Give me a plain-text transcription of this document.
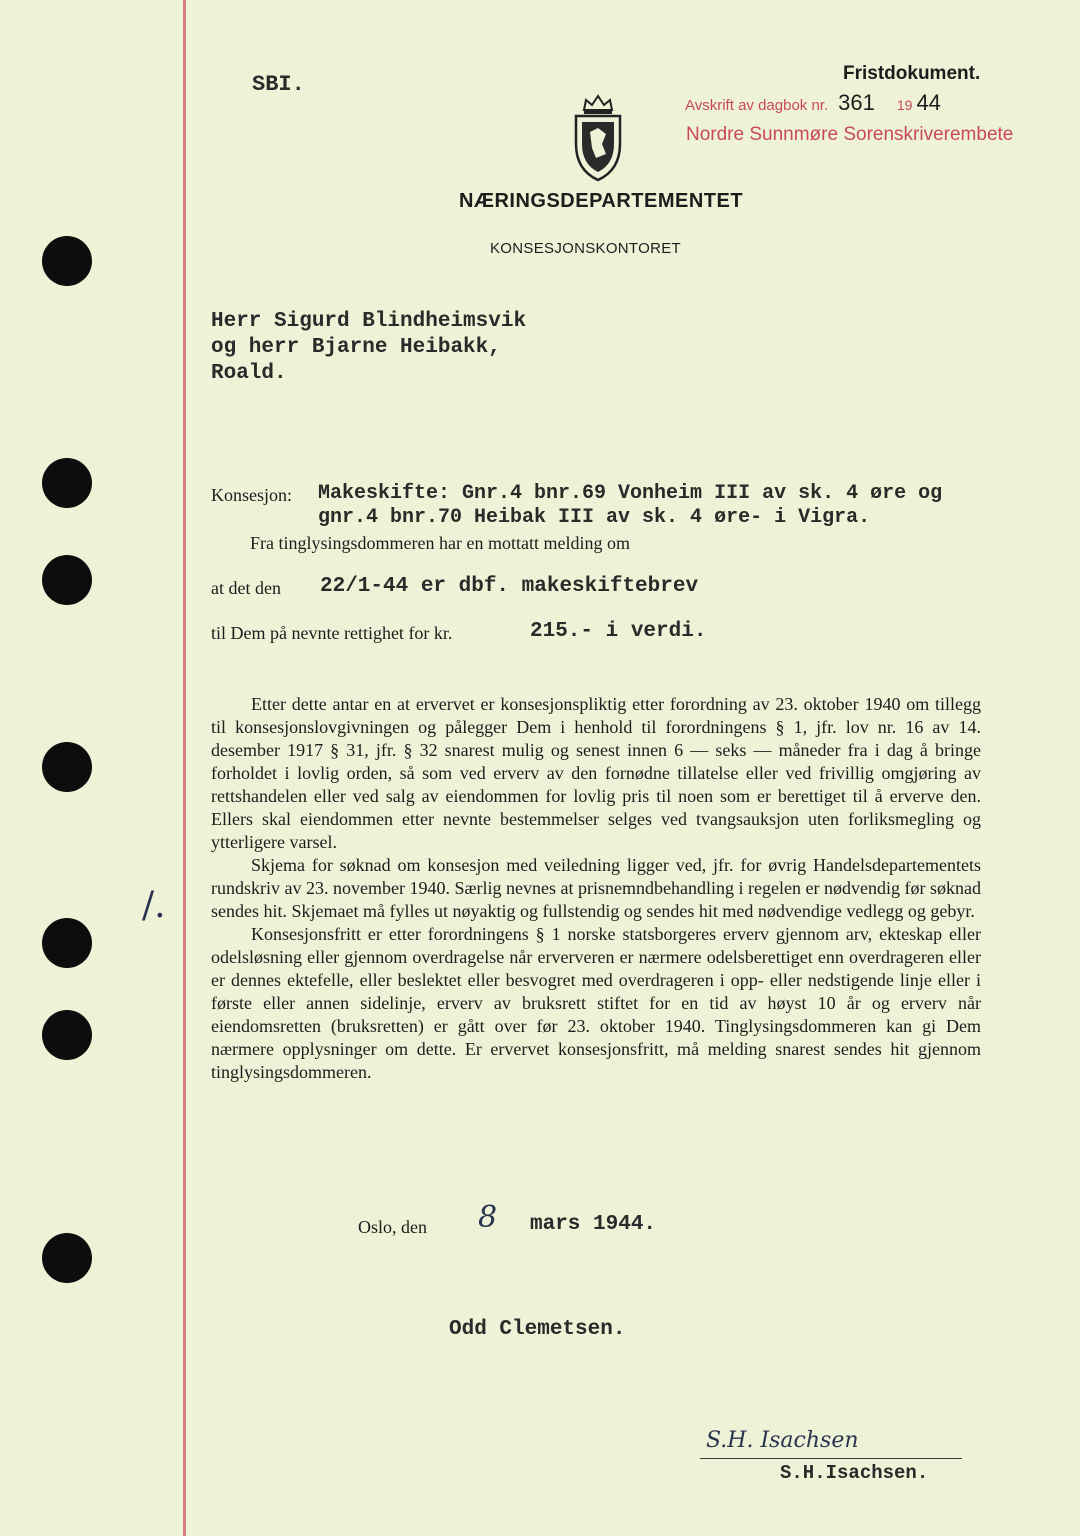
SBI.
NÆRINGSDEPARTEMENTET
KONSESJONSKONTORET
Fristdokument.
Avskrift av dagbok nr. 361 19 44
Nordre Sunnmøre Sorenskriverembete
Herr Sigurd Blindheimsvik
og herr Bjarne Heibakk,
Roald.
Konsesjon: Makeskifte: Gnr.4 bnr.69 Vonheim III av sk. 4 øre og
gnr.4 bnr.70 Heibak III av sk. 4 øre- i Vigra.
Fra tinglysingsdommeren har en mottatt melding om
at det den 22/1-44 er dbf. makeskiftebrev
til Dem på nevnte rettighet for kr.	215.- i verdi.

Etter dette antar en at ervervet er konsesjonspliktig etter forordning av 23. oktober 1940 om tillegg til konsesjonslovgivningen og pålegger Dem i henhold til forordningens § 1, jfr. lov nr. 16 av 14. desember 1917 § 31, jfr. § 32 snarest mulig og senest innen 6 — seks — måneder fra i dag å bringe forholdet i lovlig orden, så som ved erverv av den fornødne tillatelse eller ved frivillig omgjøring av rettshandelen eller ved salg av eiendommen for lovlig pris til noen som er berettiget til å erverve den. Ellers skal eiendommen etter nevnte bestemmelser selges ved tvangsauksjon uten forliksmegling og ytterligere varsel.

Skjema for søknad om konsesjon med veiledning ligger ved, jfr. for øvrig Handelsdepartementets rundskriv av 23. november 1940. Særlig nevnes at prisnemndbehandling i regelen er nødvendig før søknad sendes hit. Skjemaet må fylles ut nøyaktig og fullstendig og sendes hit med nødvendige vedlegg og gebyr.

Konsesjonsfritt er etter forordningens § 1 norske statsborgeres erverv gjennom arv, ekteskap eller odelsløsning eller gjennom overdragelse når erververen er nærmere odelsberettiget enn overdrageren eller er dennes ektefelle, eller beslektet eller besvogret med overdrageren i opp- eller nedstigende linje eller i første eller annen sidelinje, erverv av bruksrett stiftet for en tid av høyst 10 år og erverv når eiendomsretten (bruksretten) er gått over før 23. oktober 1940. Tinglysingsdommeren kan gi Dem nærmere opplysninger om dette. Er ervervet konsesjonsfritt, må melding snarest sendes hit gjennom tinglysingsdommeren.

/.
Oslo, den 8 mars 1944.
Odd Clemetsen.
S.H. Isachsen
S.H.Isachsen.
